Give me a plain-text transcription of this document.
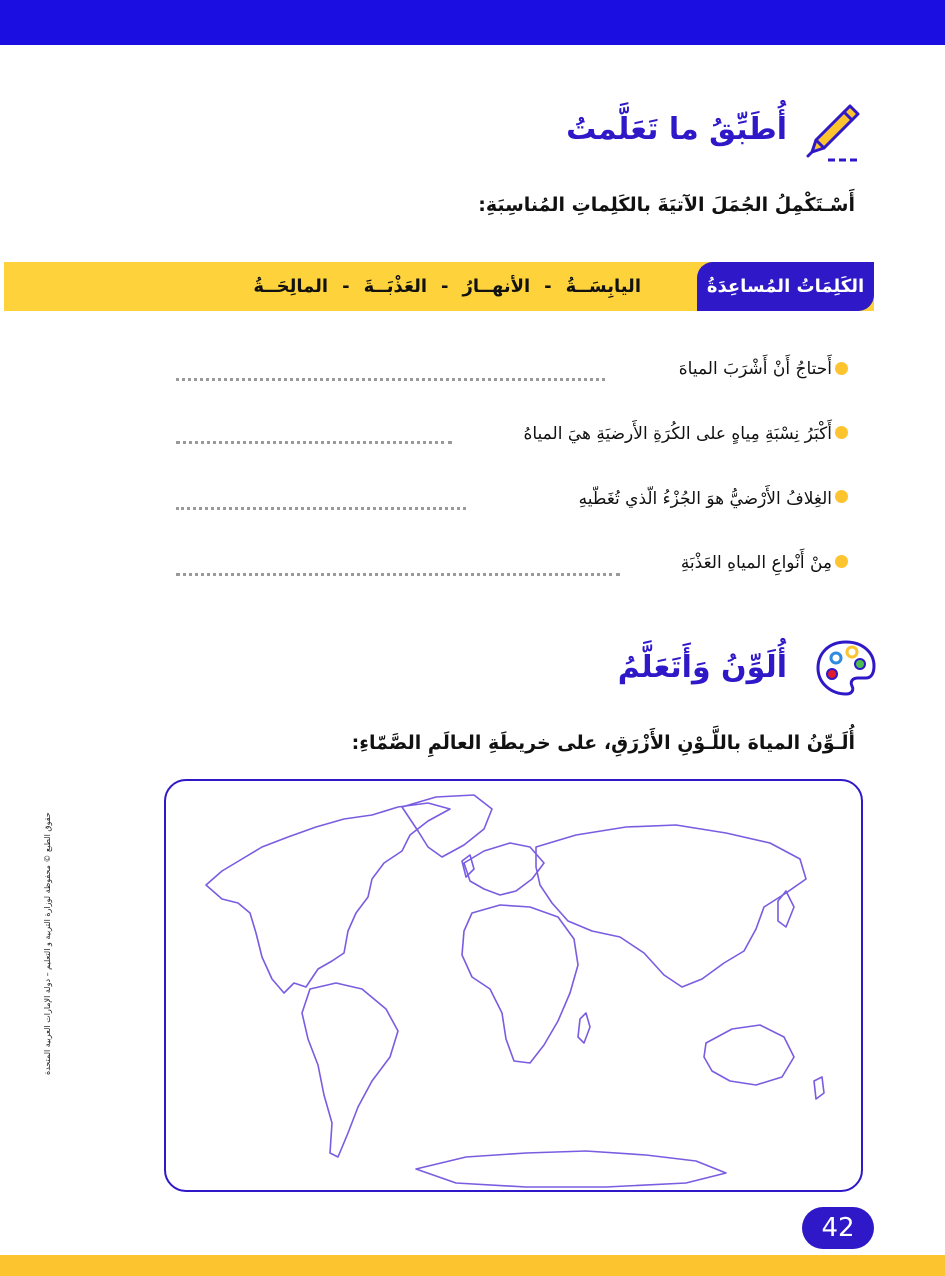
أُطَبِّقُ ما تَعَلَّمتُ
أَسْـتَكْمِلُ الجُمَلَ الآتيَةَ بالكَلِماتِ المُناسِبَةِ:
الكَلِمَاتُ المُساعِدَةُ
اليابِسَــةُ
-
الأنهــارُ
-
العَذْبَــةَ
-
المالِحَــةُ
أَحتاجُ أَنْ أَشْرَبَ المياهَ
أَكْبَرُ نِسْبَةِ مِياهٍ على الكُرَةِ الأَرضيَةِ هيَ المياهُ
الغِلافُ الأَرْضيُّ هوَ الجُزْءُ الّذي تُغَطّيهِ
مِنْ أَنْواعِ المياهِ العَذْبَةِ
أُلَوِّنُ وَأَتَعَلَّمُ
أُلَـوِّنُ المياهَ باللَّـوْنِ الأَزْرَقِ، على خريطَةِ العالَمِ الصَّمّاءِ:
حقوق الطبع © محفوظة لوزارة التربية و التعليم – دولة الإمارات العربية المتحدة
42
